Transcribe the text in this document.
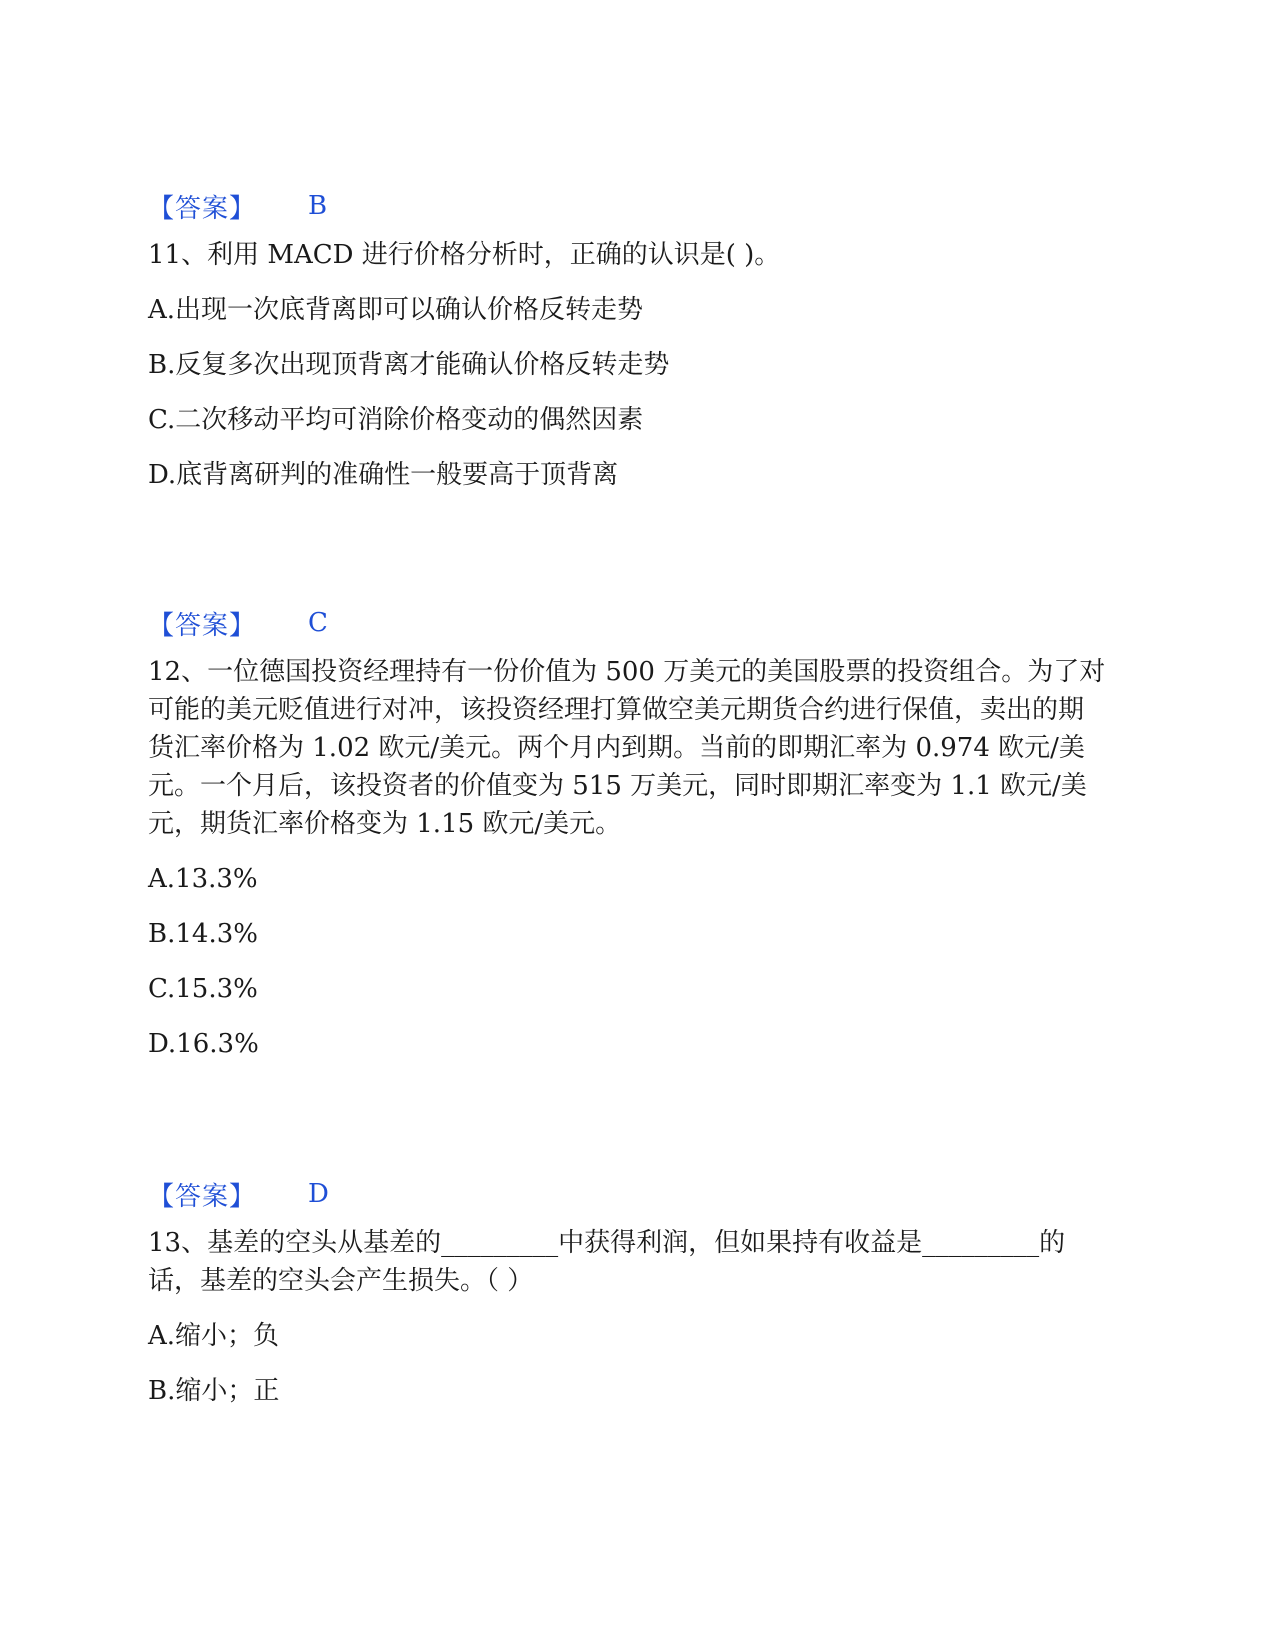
【答案】 B

11、利用 MACD 进行价格分析时，正确的认识是( )。

A.出现一次底背离即可以确认价格反转走势
B.反复多次出现顶背离才能确认价格反转走势
C.二次移动平均可消除价格变动的偶然因素
D.底背离研判的准确性一般要高于顶背离
【答案】 C

12、一位德国投资经理持有一份价值为 500 万美元的美国股票的投资组合。为了对可能的美元贬值进行对冲，该投资经理打算做空美元期货合约进行保值，卖出的期货汇率价格为 1.02 欧元/美元。两个月内到期。当前的即期汇率为 0.974 欧元/美元。一个月后，该投资者的价值变为 515 万美元，同时即期汇率变为 1.1 欧元/美元，期货汇率价格变为 1.15 欧元/美元。

A.13.3%
B.14.3%
C.15.3%
D.16.3%
【答案】 D

13、基差的空头从基差的_________中获得利润，但如果持有收益是_________的话，基差的空头会产生损失。（ ）

A.缩小；负
B.缩小；正
